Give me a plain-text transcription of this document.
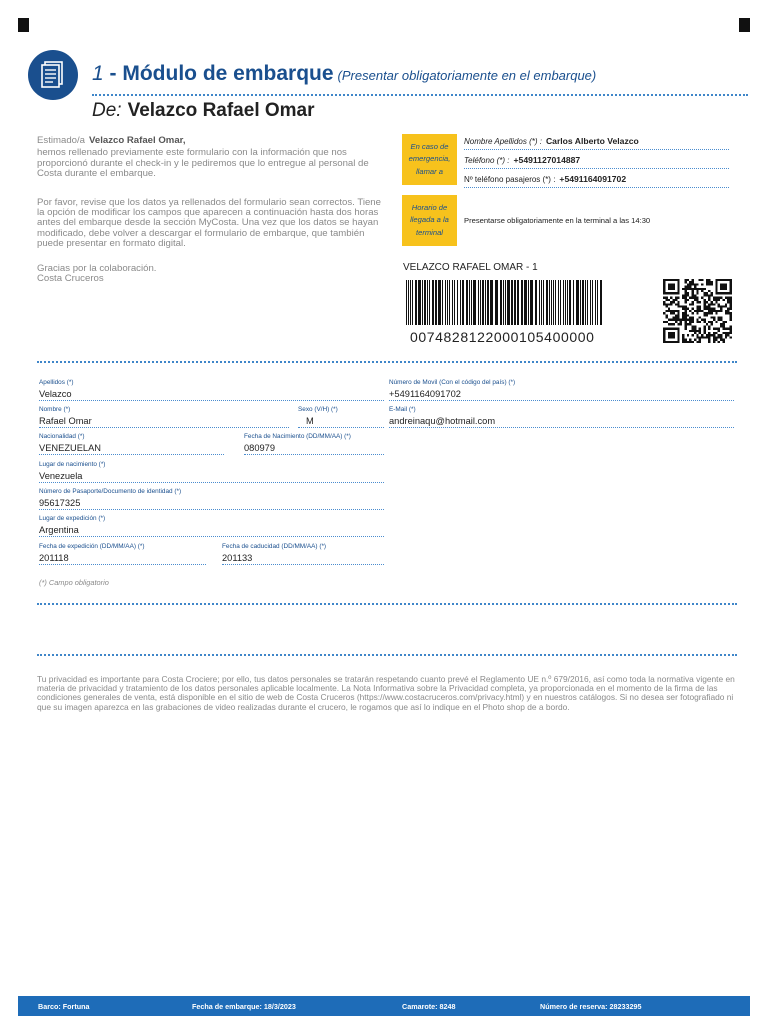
1 - Módulo de embarque (Presentar obligatoriamente en el embarque)
De: Velazco Rafael Omar

Estimado/a Velazco Rafael Omar,

hemos rellenado previamente este formulario con la información que nos proporcionó durante el check-in y le pediremos que lo entregue al personal de Costa durante el embarque.

Por favor, revise que los datos ya rellenados del formulario sean correctos. Tiene la opción de modificar los campos que aparecen a continuación hasta dos horas antes del embarque desde la sección MyCosta. Una vez que los datos se hayan modificado, debe volver a descargar el formulario de embarque, que también puede presentar en formato digital.

Gracias por la colaboración.

Costa Cruceros

En caso de emergencia, llamar a
Nombre Apellidos (*) : Carlos Alberto Velazco
Teléfono (*) : +5491127014887
Nº teléfono pasajeros (*) : +5491164091702
Horario de llegada a la terminal
Presentarse obligatoriamente en la terminal a las 14:30
VELAZCO RAFAEL OMAR - 1
0074828122000105400000
Apellidos (*)
Velazco
Número de Movil (Con el código del país) (*)
+5491164091702
Nombre (*)
Rafael Omar
Sexo (V/H) (*)
M
E-Mail (*)
andreinaqu@hotmail.com
Nacionalidad (*)
VENEZUELAN
Fecha de Nacimiento (DD/MM/AA) (*)
080979
Lugar de nacimiento (*)
Venezuela
Número de Pasaporte/Documento de identidad (*)
95617325
Lugar de expedición (*)
Argentina
Fecha de expedición (DD/MM/AA) (*)
201118
Fecha de caducidad (DD/MM/AA) (*)
201133
(*) Campo obligatorio
Tu privacidad es importante para Costa Crociere; por ello, tus datos personales se tratarán respetando cuanto prevé el Reglamento UE n.º 679/2016, así como toda la normativa vigente en materia de privacidad y tratamiento de los datos personales aplicable localmente. La Nota Informativa sobre la Privacidad completa, ya proporcionada en el momento de la firma de las condiciones generales de venta, está disponible en el sitio de web de Costa Cruceros (https://www.costacruceros.com/privacy.html) y en nuestros catálogos. Si no desea ser fotografiado ni que su imagen aparezca en las grabaciones de video realizadas durante el crucero, le rogamos que así lo indique en el Photo shop de a bordo.
Barco: Fortuna	Fecha de embarque: 18/3/2023	Camarote: 8248	Número de reserva: 28233295
